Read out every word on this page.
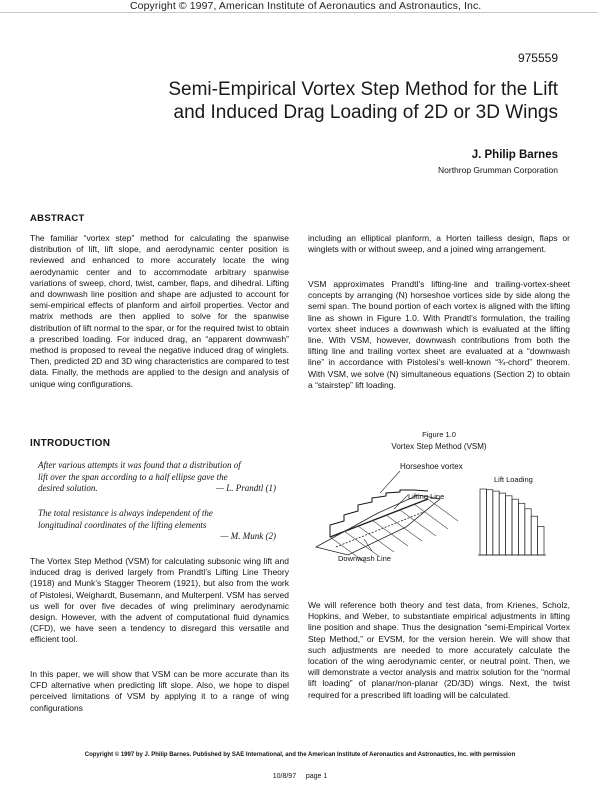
Copyright © 1997, American Institute of Aeronautics and Astronautics, Inc.
975559
Semi-Empirical Vortex Step Method for the Lift
and Induced Drag Loading of 2D or 3D Wings
J. Philip Barnes
Northrop Grumman Corporation
ABSTRACT

The familiar “vortex step” method for calculating the spanwise distribution of lift, lift slope, and aerodynamic center position is reviewed and enhanced to more accurately locate the wing aerodynamic center and to accommodate arbitrary spanwise variations of sweep, chord, twist, camber, flaps, and dihedral. Lifting and downwash line position and shape are adjusted to account for semi-empirical effects of planform and airfoil properties. Vector and matrix methods are then applied to solve for the spanwise distribution of lift normal to the spar, or for the required twist to obtain a prescribed loading. For induced drag, an “apparent downwash” method is proposed to reveal the negative induced drag of winglets. Then, predicted 2D and 3D wing characteristics are compared to test data. Finally, the methods are applied to the design and analysis of unique wing configurations.

INTRODUCTION
After various attempts it was found that a distribution of
lift over the span according to a half ellipse gave the
desired solution.	— L. Prandtl (1)
The total resistance is always independent of the
longitudinal coordinates of the lifting elements
— M. Munk (2)

The Vortex Step Method (VSM) for calculating subsonic wing lift and induced drag is derived largely from Prandtl’s Lifting Line Theory (1918) and Munk’s Stagger Theorem (1921), but also from the work of Pistolesi, Weighardt, Busemann, and Multerpenl. VSM has served us well for over five decades of wing preliminary aerodynamic design. However, with the advent of computational fluid dynamics (CFD), we have seen a tendency to disregard this versatile and efficient tool.

In this paper, we will show that VSM can be more accurate than its CFD alternative when predicting lift slope. Also, we hope to dispel perceived limitations of VSM by applying it to a range of wing configurations

including an elliptical planform, a Horten tailless design, flaps or winglets with or without sweep, and a joined wing arrangement.

VSM approximates Prandtl’s lifting-line and trailing-vortex-sheet concepts by arranging (N) horseshoe vortices side by side along the semi span. The bound portion of each vortex is aligned with the lifting line as shown in Figure 1.0. With Prandtl’s formulation, the trailing vortex sheet induces a downwash which is evaluated at the lifting line. With VSM, however, downwash contributions from both the lifting line and trailing vortex sheet are evaluated at a “downwash line” in accordance with Pistolesi’s well-known “¾-chord” theorem. With VSM, we solve (N) simultaneous equations (Section 2) to obtain a “stairstep” lift loading.

Figure 1.0
Vortex Step Method (VSM)
Horseshoe vortex
Lifting Line
Downwash Line
Lift Loading

We will reference both theory and test data, from Krienes, Scholz, Hopkins, and Weber, to substantiate empirical adjustments in lifting line position and shape. Thus the designation “semi-Empirical Vortex Step Method,” or EVSM, for the version herein. We will show that such adjustments are needed to more accurately calculate the location of the wing aerodynamic center, or neutral point. Then, we will demonstrate a vector analysis and matrix solution for the “normal lift loading” of planar/non-planar (2D/3D) wings. Next, the twist required for a prescribed lift loading will be calculated.

Copyright © 1997 by J. Philip Barnes. Published by SAE International, and the American Institute of Aeronautics and Astronautics, Inc. with permission
10/8/97 page 1
